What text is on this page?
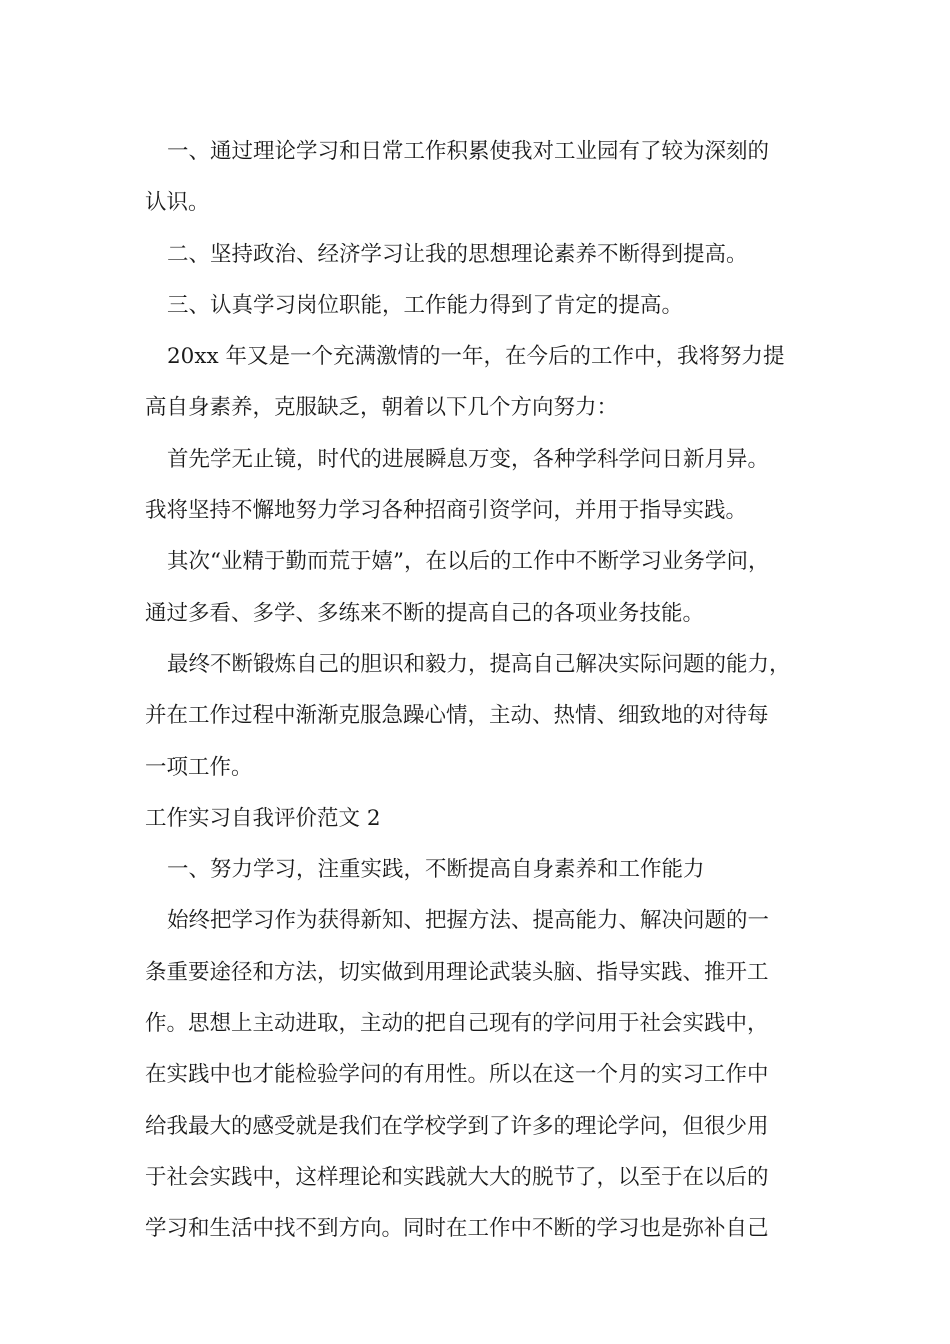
一、通过理论学习和日常工作积累使我对工业园有了较为深刻的
认识。
二、坚持政治、经济学习让我的思想理论素养不断得到提高。
三、认真学习岗位职能，工作能力得到了肯定的提高。
20xx 年又是一个充满激情的一年，在今后的工作中，我将努力提
高自身素养，克服缺乏，朝着以下几个方向努力：
首先学无止镜，时代的进展瞬息万变，各种学科学问日新月异。
我将坚持不懈地努力学习各种招商引资学问，并用于指导实践。
其次“业精于勤而荒于嬉”，在以后的工作中不断学习业务学问，
通过多看、多学、多练来不断的提高自己的各项业务技能。
最终不断锻炼自己的胆识和毅力，提高自己解决实际问题的能力，
并在工作过程中渐渐克服急躁心情，主动、热情、细致地的对待每
一项工作。
工作实习自我评价范文 2
一、努力学习，注重实践，不断提高自身素养和工作能力
始终把学习作为获得新知、把握方法、提高能力、解决问题的一
条重要途径和方法，切实做到用理论武装头脑、指导实践、推开工
作。思想上主动进取，主动的把自己现有的学问用于社会实践中，
在实践中也才能检验学问的有用性。所以在这一个月的实习工作中
给我最大的感受就是我们在学校学到了许多的理论学问，但很少用
于社会实践中，这样理论和实践就大大的脱节了，以至于在以后的
学习和生活中找不到方向。同时在工作中不断的学习也是弥补自己
